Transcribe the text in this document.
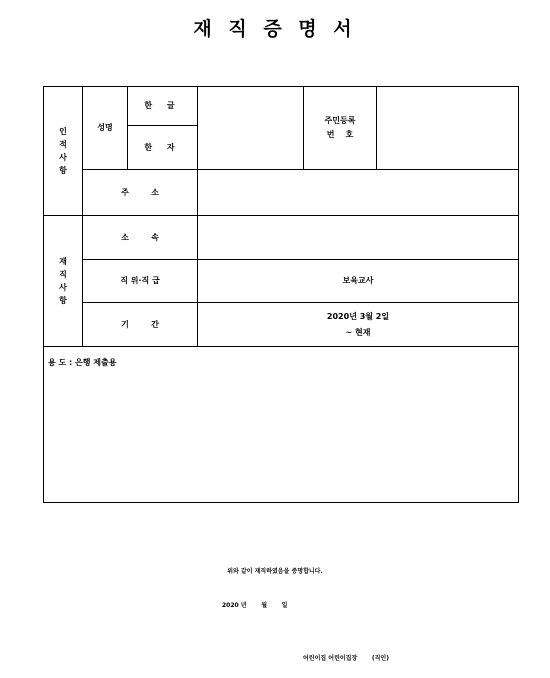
재 직 증 명 서
인적사항
성명
한 글
한 자
주민등록
번    호
주        소
재직사항
소        속
직 위·직 급	보육교사
기        간
2020년 3월 2일
~ 현재
용 도 : 은행 제출용
위와 같이 재직하였음을 증명합니다.
2020 년       월       일
어린이집 어린이집장       (직인)
